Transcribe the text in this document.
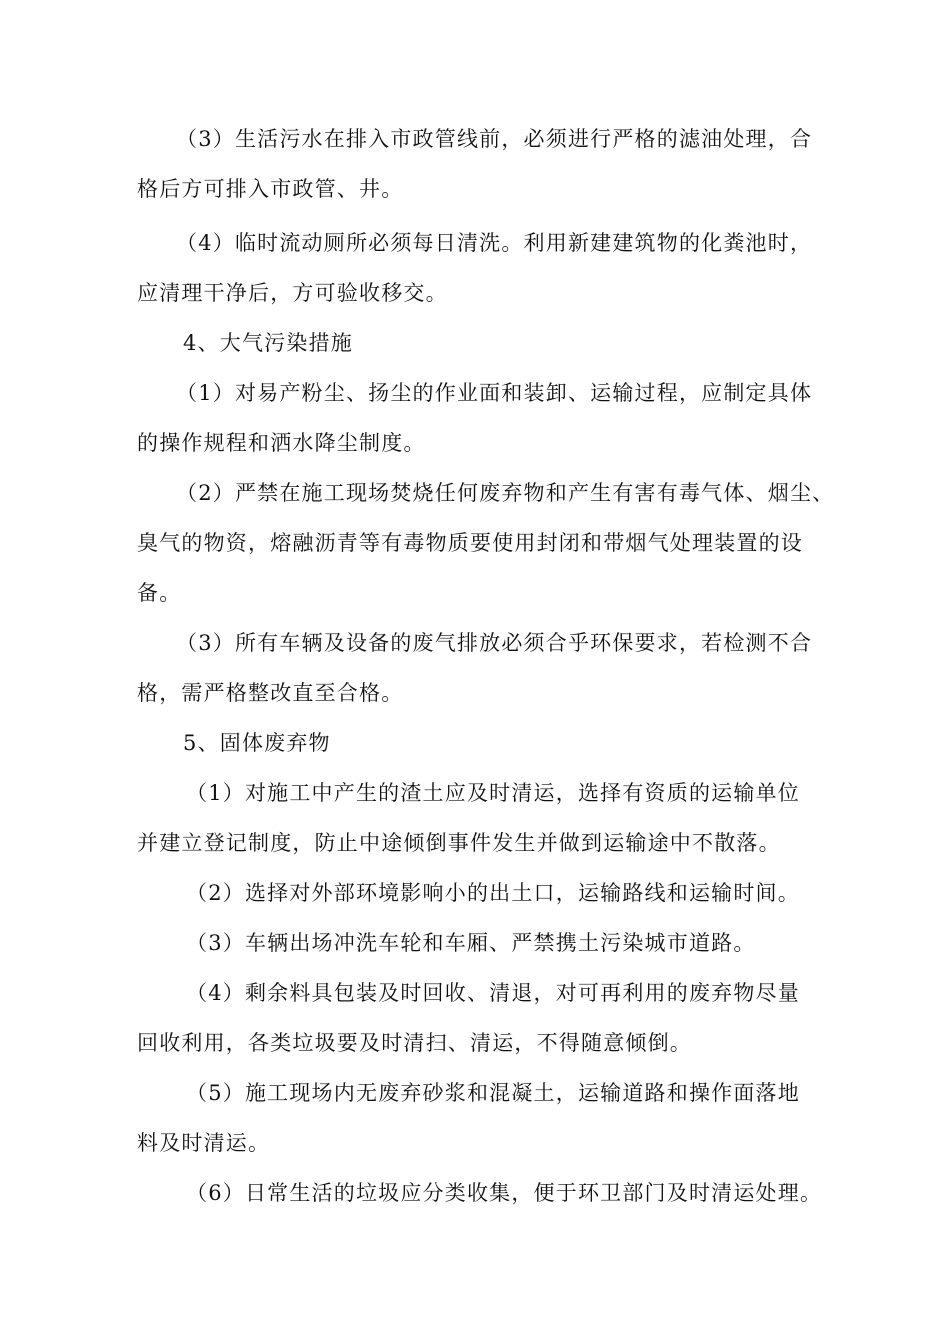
（3）生活污水在排入市政管线前，必须进行严格的滤油处理，合
格后方可排入市政管、井。
（4）临时流动厕所必须每日清洗。利用新建建筑物的化粪池时，
应清理干净后，方可验收移交。
4、大气污染措施
（1）对易产粉尘、扬尘的作业面和装卸、运输过程，应制定具体
的操作规程和洒水降尘制度。
（2）严禁在施工现场焚烧任何废弃物和产生有害有毒气体、烟尘、
臭气的物资，熔融沥青等有毒物质要使用封闭和带烟气处理装置的设
备。
（3）所有车辆及设备的废气排放必须合乎环保要求，若检测不合
格，需严格整改直至合格。
5、固体废弃物
（1）对施工中产生的渣土应及时清运，选择有资质的运输单位
并建立登记制度，防止中途倾倒事件发生并做到运输途中不散落。
（2）选择对外部环境影响小的出土口，运输路线和运输时间。
（3）车辆出场冲洗车轮和车厢、严禁携土污染城市道路。
（4）剩余料具包装及时回收、清退，对可再利用的废弃物尽量
回收利用，各类垃圾要及时清扫、清运，不得随意倾倒。
（5）施工现场内无废弃砂浆和混凝土，运输道路和操作面落地
料及时清运。
（6）日常生活的垃圾应分类收集，便于环卫部门及时清运处理。
